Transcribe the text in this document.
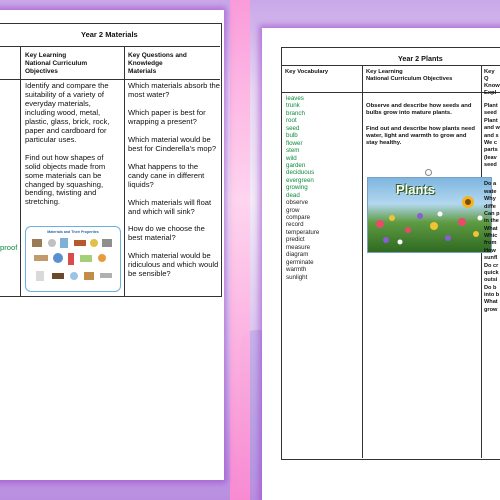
Year 2 Materials
Key Learning
National Curriculum
Objectives
Key Questions and
Knowledge
Materials

Identify and compare the suitability of a variety of everyday materials, including wood, metal, plastic, glass, brick, rock, paper and cardboard for particular uses.

Find out how shapes of solid objects made from some materials can be changed by squashing, bending, twisting and stretching.

Which materials absorb the most water?

Which paper is best for wrapping a present?

Which material would be best for Cinderella’s mop?

What happens to the candy cane in different liquids?

Which materials will float and which will sink?

How do we choose the best material?

Which material would be ridiculous and which would be sensible?

proof
Materials and Their Properties
Year 2 Plants
Key Vocabulary	Key Learning
National Curriculum Objectives
Key Q
Know
Expl
leaves
trunk
branch
root
seed
bulb
flower
stem
wild
garden
deciduous
evergreen
growing
dead
observe
grow
compare
record
temperature
predict
measure
diagram
germinate
warmth
sunlight

Observe and describe how seeds and bulbs grow into mature plants.

Find out and describe how plants need water, light and warmth to grow and stay healthy.

Plants
Plant
seed
Plant
and w
and s
We c
parts
(leav
seed
Do a
wate
Why
diffe
Can p
in the
What
Whic
from
How
sunfl
Do cr
quick
outsi
Do b
into b
What
grow
